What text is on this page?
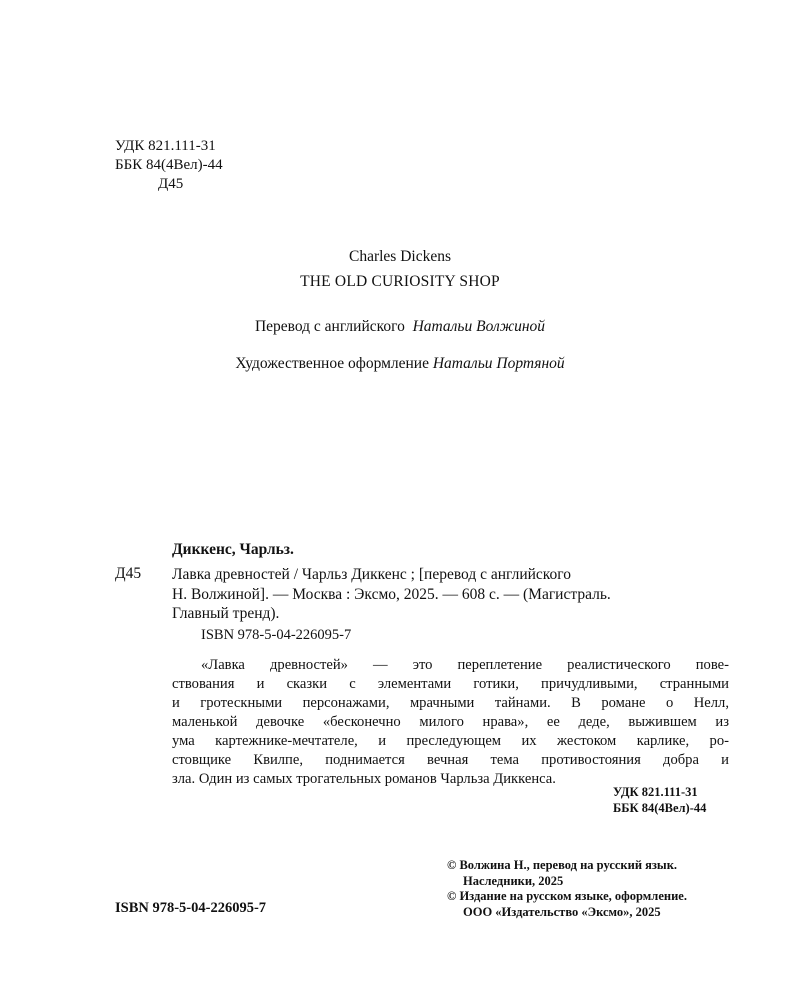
УДК 821.111-31
ББК 84(4Вел)-44
Д45
Charles Dickens
THE OLD CURIOSITY SHOP
Перевод с английского Натальи Волжиной
Художественное оформление Натальи Портяной
Диккенс, Чарльз.
Д45 Лавка древностей / Чарльз Диккенс ; [перевод с английского
Н. Волжиной]. — Москва : Эксмо, 2025. — 608 с. — (Магистраль.
Главный тренд).
ISBN 978-5-04-226095-7
«Лавка древностей» — это переплетение реалистического пове-
ствования и сказки с элементами готики, причудливыми, странными
и гротескными персонажами, мрачными тайнами. В романе о Нелл,
маленькой девочке «бесконечно милого нрава», ее деде, выжившем из
ума картежнике-мечтателе, и преследующем их жестоком карлике, ро-
стовщике Квилпе, поднимается вечная тема противостояния добра и
зла. Один из самых трогательных романов Чарльза Диккенса.
УДК 821.111-31
ББК 84(4Вел)-44
© Волжина Н., перевод на русский язык.
Наследники, 2025
© Издание на русском языке, оформление.
ООО «Издательство «Эксмо», 2025
ISBN 978-5-04-226095-7
